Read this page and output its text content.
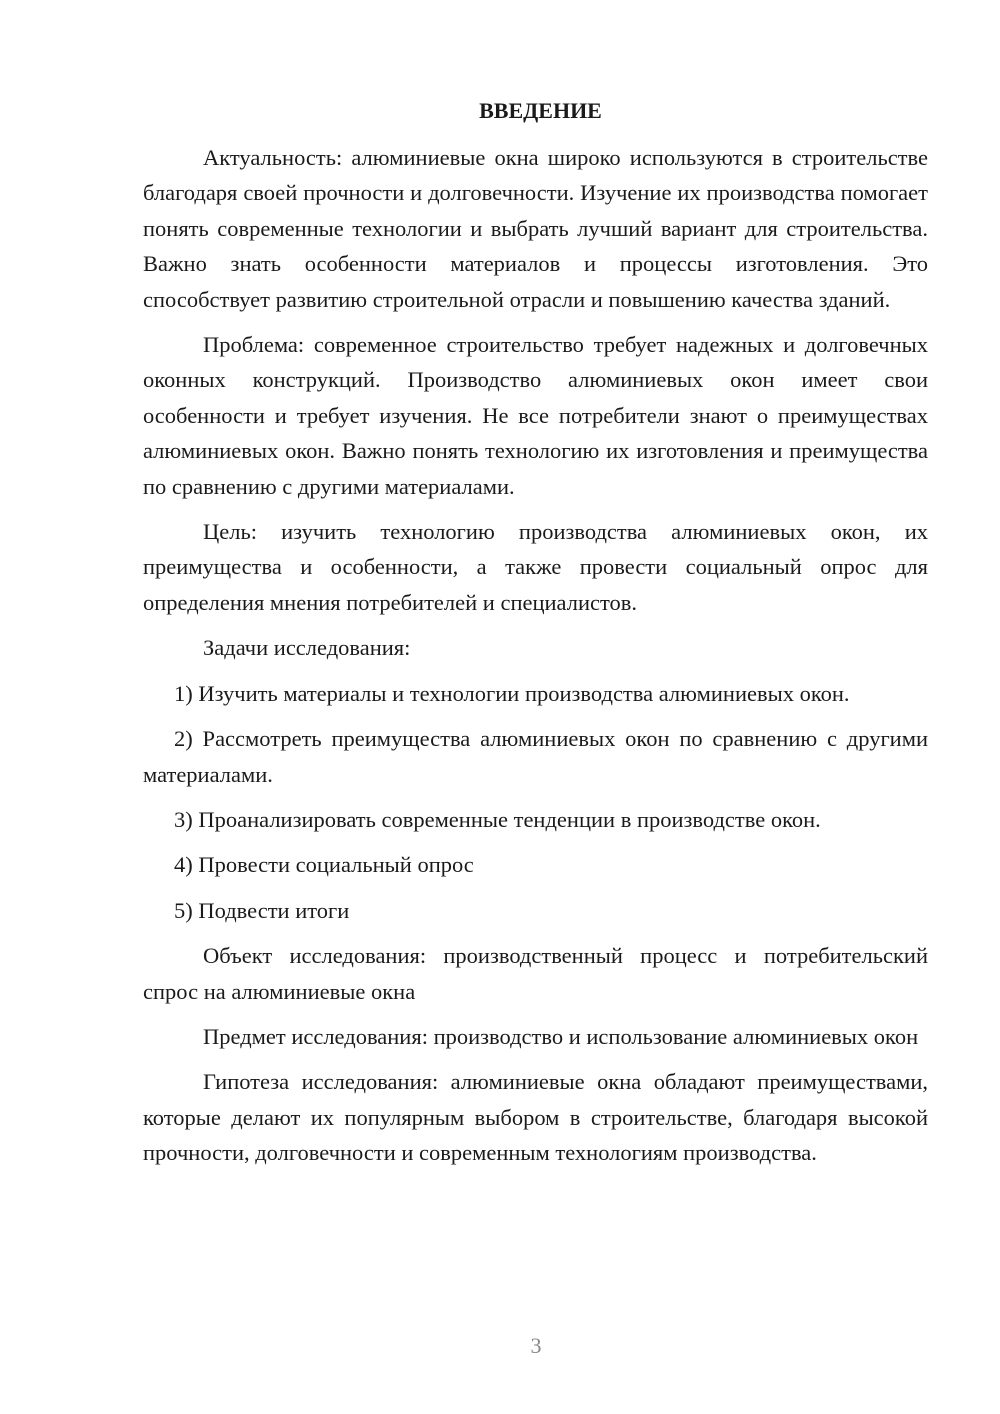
ВВЕДЕНИЕ

Актуальность: алюминиевые окна широко используются в строительстве благодаря своей прочности и долговечности. Изучение их производства помогает понять современные технологии и выбрать лучший вариант для строительства. Важно знать особенности материалов и процессы изготовления. Это способствует развитию строительной отрасли и повышению качества зданий.

Проблема: современное строительство требует надежных и долговечных оконных конструкций. Производство алюминиевых окон имеет свои особенности и требует изучения. Не все потребители знают о преимуществах алюминиевых окон. Важно понять технологию их изготовления и преимущества по сравнению с другими материалами.

Цель: изучить технологию производства алюминиевых окон, их преимущества и особенности, а также провести социальный опрос для определения мнения потребителей и специалистов.

Задачи исследования:

1) Изучить материалы и технологии производства алюминиевых окон.

2) Рассмотреть преимущества алюминиевых окон по сравнению с другими материалами.

3) Проанализировать современные тенденции в производстве окон.

4) Провести социальный опрос

5) Подвести итоги

Объект исследования: производственный процесс и потребительский спрос на алюминиевые окна

Предмет исследования: производство и использование алюминиевых окон

Гипотеза исследования: алюминиевые окна обладают преимуществами, которые делают их популярным выбором в строительстве, благодаря высокой прочности, долговечности и современным технологиям производства.

3
